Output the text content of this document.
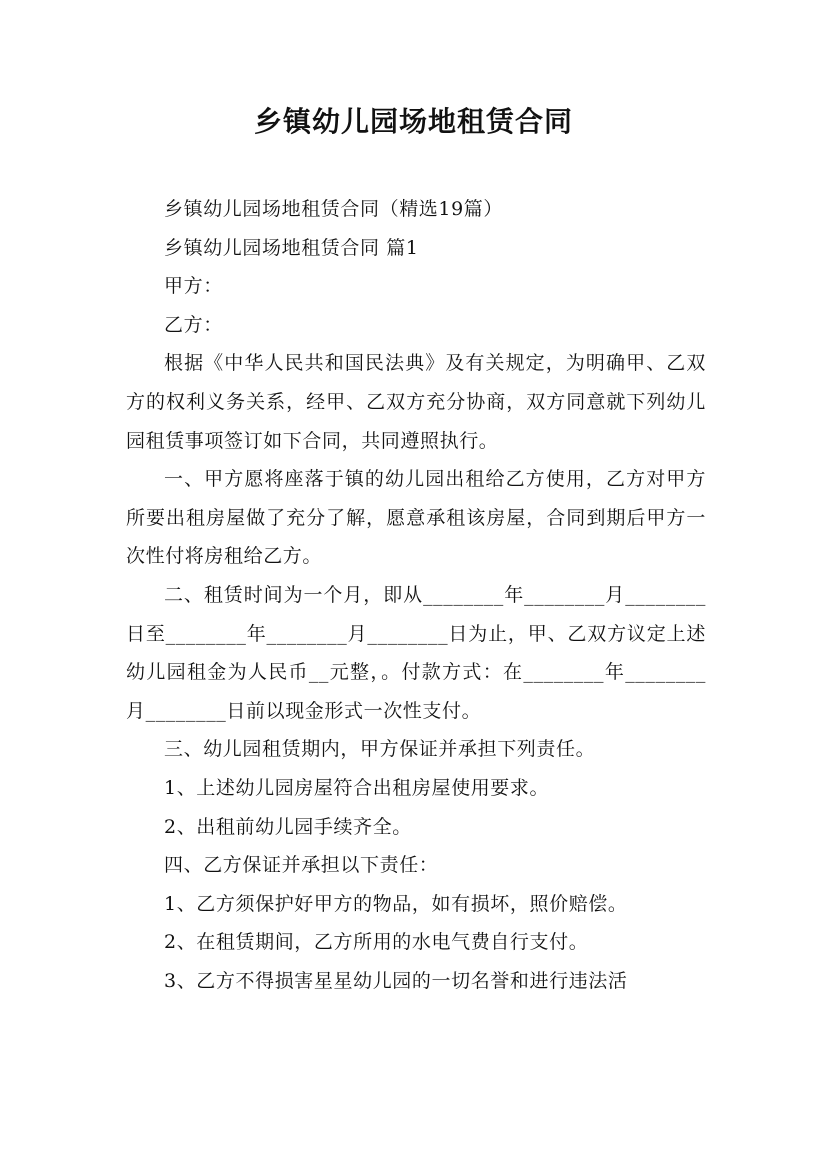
乡镇幼儿园场地租赁合同

乡镇幼儿园场地租赁合同（精选19篇）

乡镇幼儿园场地租赁合同 篇1

甲方：

乙方：

根据《中华人民共和国民法典》及有关规定，为明确甲、乙双方的权利义务关系，经甲、乙双方充分协商，双方同意就下列幼儿园租赁事项签订如下合同，共同遵照执行。

一、甲方愿将座落于镇的幼儿园出租给乙方使用，乙方对甲方所要出租房屋做了充分了解，愿意承租该房屋，合同到期后甲方一次性付将房租给乙方。

二、租赁时间为一个月，即从________年________月________日至________年________月________日为止，甲、乙双方议定上述幼儿园租金为人民币__元整，。付款方式：在________年________月________日前以现金形式一次性支付。

三、幼儿园租赁期内，甲方保证并承担下列责任。

1、上述幼儿园房屋符合出租房屋使用要求。

2、出租前幼儿园手续齐全。

四、乙方保证并承担以下责任：

1、乙方须保护好甲方的物品，如有损坏，照价赔偿。

2、在租赁期间，乙方所用的水电气费自行支付。

3、乙方不得损害星星幼儿园的一切名誉和进行违法活
